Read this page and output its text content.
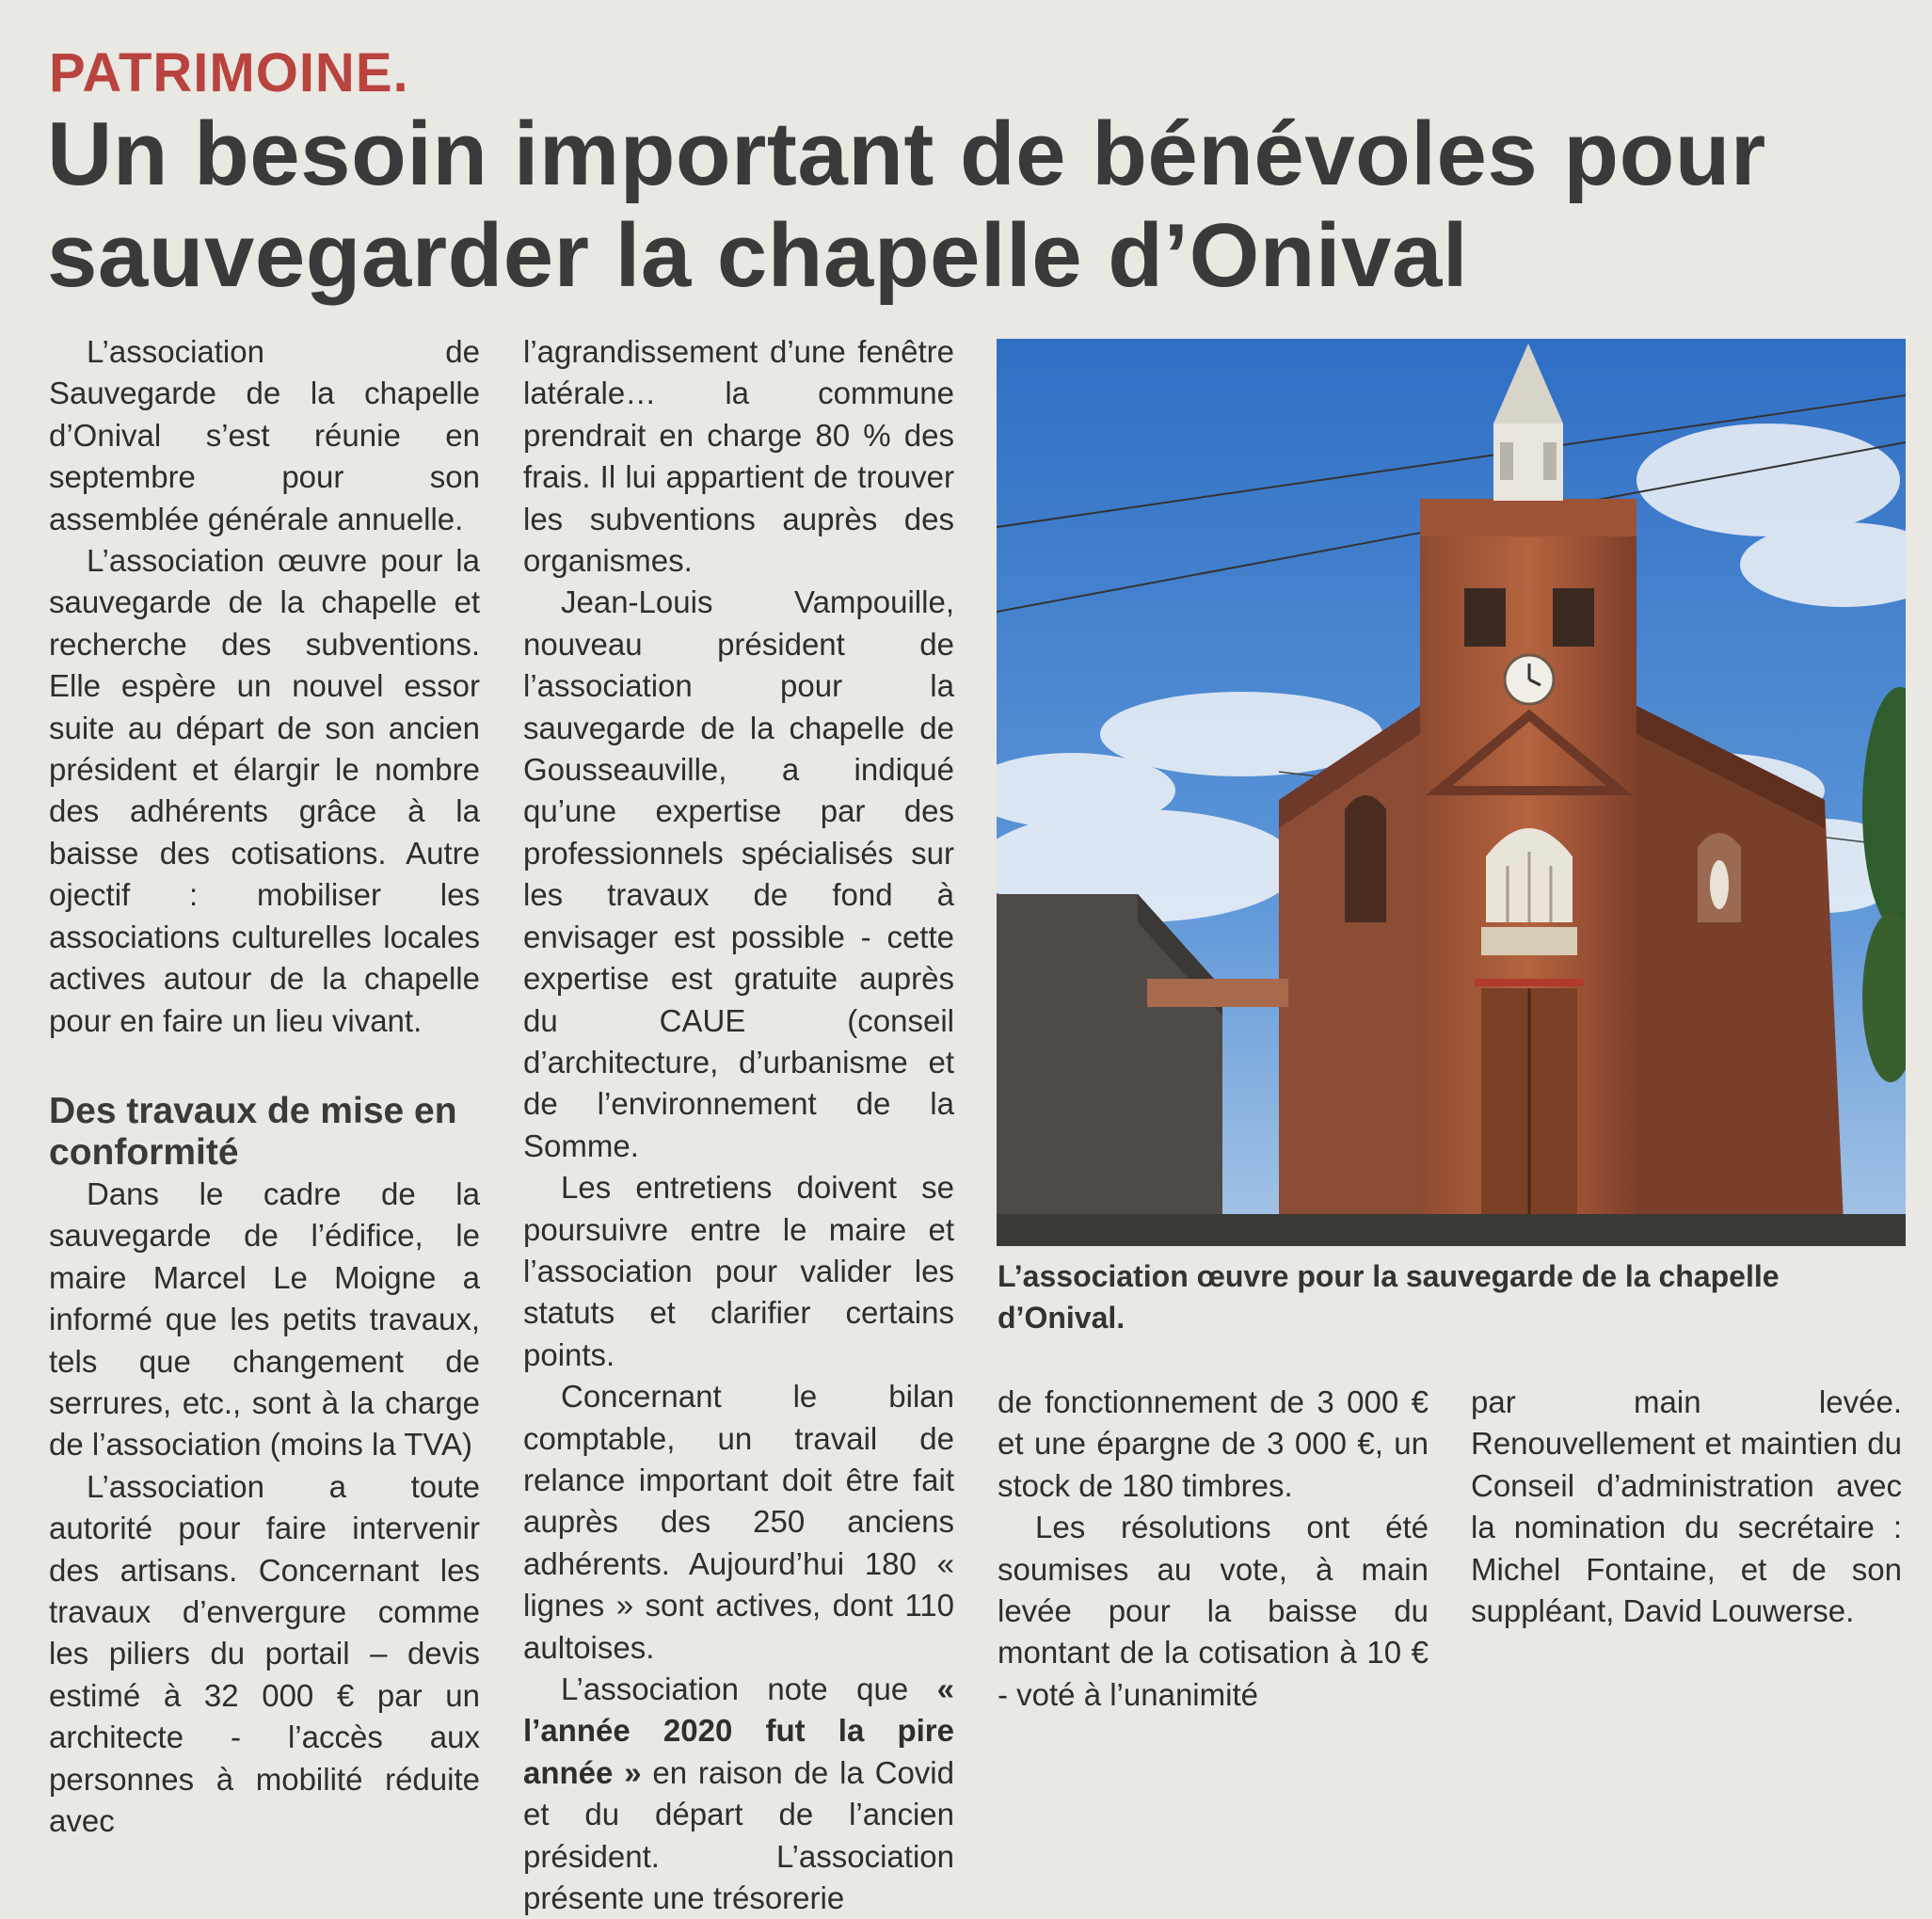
PATRIMOINE.
Un besoin important de bénévoles pour sauvegarder la chapelle d’Onival

L’association de Sauvegarde de la chapelle d’Onival s’est réunie en septembre pour son assemblée générale annuelle.

L’association œuvre pour la sauvegarde de la chapelle et recherche des subventions. Elle espère un nouvel essor suite au départ de son ancien président et élargir le nombre des adhérents grâce à la baisse des cotisations. Autre ojectif : mobiliser les associations culturelles locales actives autour de la chapelle pour en faire un lieu vivant.

Des travaux de mise en conformité

Dans le cadre de la sauvegarde de l’édifice, le maire Marcel Le Moigne a informé que les petits travaux, tels que changement de serrures, etc., sont à la charge de l’association (moins la TVA)

L’association a toute autorité pour faire intervenir des artisans. Concernant les travaux d’envergure comme les piliers du portail – devis estimé à 32 000 € par un architecte - l’accès aux personnes à mobilité réduite avec

l’agrandissement d’une fenêtre latérale… la commune prendrait en charge 80 % des frais. Il lui appartient de trouver les subventions auprès des organismes.

Jean-Louis Vampouille, nouveau président de l’association pour la sauvegarde de la chapelle de Gousseauville, a indiqué qu’une expertise par des professionnels spécialisés sur les travaux de fond à envisager est possible - cette expertise est gratuite auprès du CAUE (conseil d’architecture, d’urbanisme et de l’environnement de la Somme.

Les entretiens doivent se poursuivre entre le maire et l’association pour valider les statuts et clarifier certains points.

Concernant le bilan comptable, un travail de relance important doit être fait auprès des 250 anciens adhérents. Aujourd’hui 180 « lignes » sont actives, dont 110 aultoises.

L’association note que « l’année 2020 fut la pire année » en raison de la Covid et du départ de l’ancien président. L’association présente une trésorerie

L’association œuvre pour la sauvegarde de la chapelle d’Onival.

de fonctionnement de 3 000 € et une épargne de 3 000 €, un stock de 180 timbres.

Les résolutions ont été soumises au vote, à main levée pour la baisse du montant de la cotisation à 10 € - voté à l’unanimité

par main levée. Renouvellement et maintien du Conseil d’administration avec la nomination du secrétaire : Michel Fontaine, et de son suppléant, David Louwerse.
